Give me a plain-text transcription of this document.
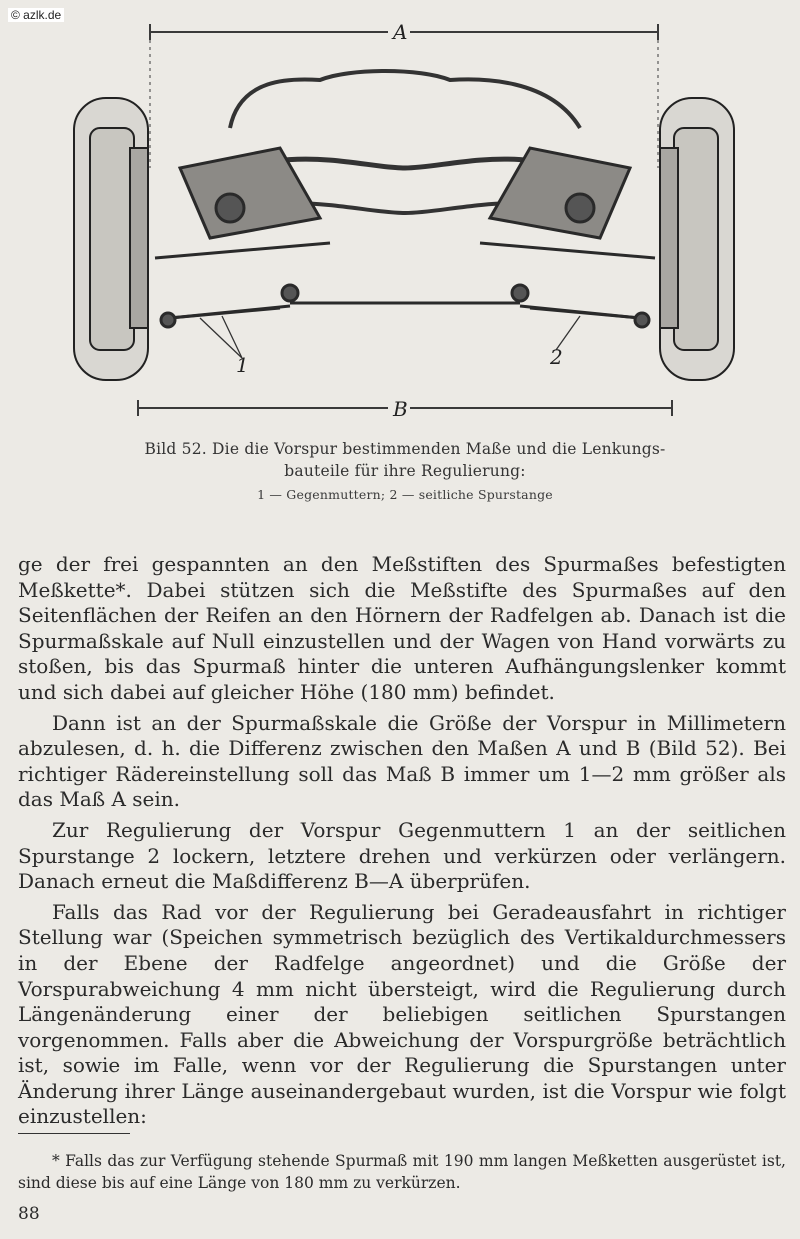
© azlk.de
A
B
1	2
Bild 52. Die die Vorspur bestimmenden Maße und die Lenkungs-
bauteile für ihre Regulierung:
1 — Gegenmuttern; 2 — seitliche Spurstange

ge der frei gespannten an den Meßstiften des Spurmaßes befestigten Meßkette*. Dabei stützen sich die Meßstifte des Spurmaßes auf den Seitenflächen der Reifen an den Hörnern der Radfelgen ab. Danach ist die Spurmaßskale auf Null einzustellen und der Wagen von Hand vorwärts zu stoßen, bis das Spurmaß hinter die unteren Aufhängungslenker kommt und sich dabei auf gleicher Höhe (180 mm) befindet.

Dann ist an der Spurmaßskale die Größe der Vorspur in Millimetern abzulesen, d. h. die Differenz zwischen den Maßen A und B (Bild 52). Bei richtiger Rädereinstellung soll das Maß B immer um 1—2 mm größer als das Maß A sein.

Zur Regulierung der Vorspur Gegenmuttern 1 an der seitlichen Spurstange 2 lockern, letztere drehen und verkürzen oder verlängern. Danach erneut die Maßdifferenz B—A überprüfen.

Falls das Rad vor der Regulierung bei Geradeausfahrt in richtiger Stellung war (Speichen symmetrisch bezüglich des Vertikaldurchmessers in der Ebene der Radfelge angeordnet) und die Größe der Vorspurabweichung 4 mm nicht übersteigt, wird die Regulierung durch Längenänderung einer der beliebigen seitlichen Spurstangen vorgenommen. Falls aber die Abweichung der Vorspurgröße beträchtlich ist, sowie im Falle, wenn vor der Regulierung die Spurstangen unter Änderung ihrer Länge auseinandergebaut wurden, ist die Vorspur wie folgt einzustellen:

* Falls das zur Verfügung stehende Spurmaß mit 190 mm langen Meßketten ausgerüstet ist, sind diese bis auf eine Länge von 180 mm zu verkürzen.
88
